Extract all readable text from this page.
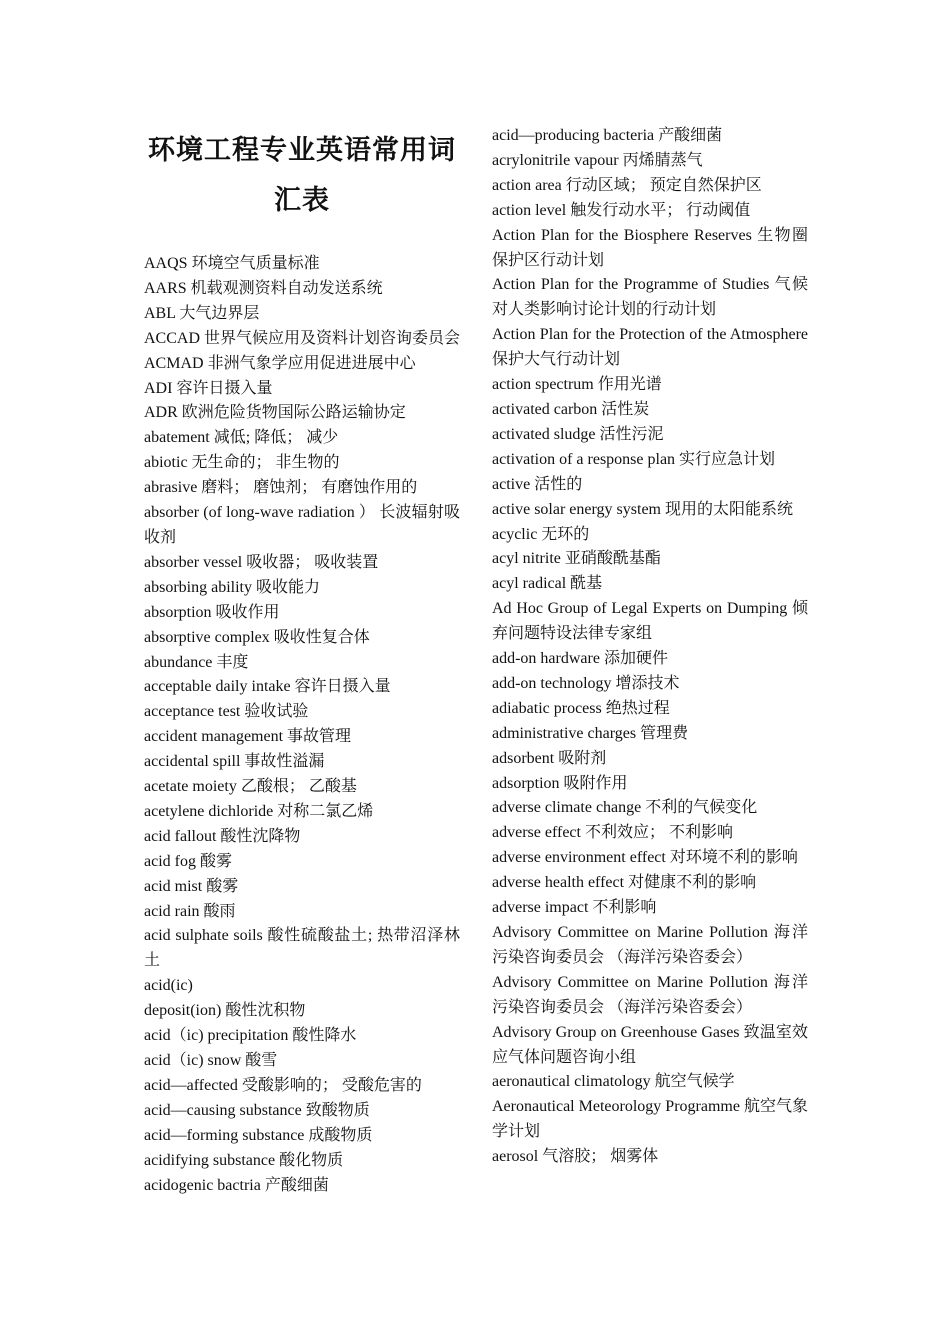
环境工程专业英语常用词汇表

AAQS 环境空气质量标准

AARS 机载观测资料自动发送系统

ABL 大气边界层

ACCAD 世界气候应用及资料计划咨询委员会

ACMAD 非洲气象学应用促进进展中心

ADI 容许日摄入量

ADR 欧洲危险货物国际公路运输协定

abatement 减低; 降低； 减少

abiotic 无生命的； 非生物的

abrasive 磨料； 磨蚀剂； 有磨蚀作用的

absorber (of long-wave radiation ） 长波辐射吸收剂

absorber vessel 吸收器； 吸收装置

absorbing ability 吸收能力

absorption 吸收作用

absorptive complex 吸收性复合体

abundance 丰度

acceptable daily intake 容许日摄入量

acceptance test 验收试验

accident management 事故管理

accidental spill 事故性溢漏

acetate moiety 乙酸根； 乙酸基

acetylene dichloride 对称二氯乙烯

acid fallout 酸性沈降物

acid fog 酸雾

acid mist 酸雾

acid rain 酸雨

acid sulphate soils 酸性硫酸盐土; 热带沼泽林土

acid(ic)

deposit(ion) 酸性沈积物

acid（ic) precipitation 酸性降水

acid（ic) snow 酸雪

acid—affected 受酸影响的； 受酸危害的

acid—causing substance 致酸物质

acid—forming substance 成酸物质

acidifying substance 酸化物质

acidogenic bactria 产酸细菌

acid—producing bacteria 产酸细菌

acrylonitrile vapour 丙烯腈蒸气

action area 行动区域； 预定自然保护区

action level 触发行动水平； 行动阈值

Action Plan for the Biosphere Reserves 生物圈保护区行动计划

Action Plan for the Programme of Studies 气候对人类影响讨论计划的行动计划

Action Plan for the Protection of the Atmosphere 保护大气行动计划

action spectrum 作用光谱

activated carbon 活性炭

activated sludge 活性污泥

activation of a response plan 实行应急计划

active 活性的

active solar energy system 现用的太阳能系统

acyclic 无环的

acyl nitrite 亚硝酸酰基酯

acyl radical 酰基

Ad Hoc Group of Legal Experts on Dumping 倾弃问题特设法律专家组

add-on hardware 添加硬件

add-on technology 增添技术

adiabatic process 绝热过程

administrative charges 管理费

adsorbent 吸附剂

adsorption 吸附作用

adverse climate change 不利的气候变化

adverse effect 不利效应； 不利影响

adverse environment effect 对环境不利的影响

adverse health effect 对健康不利的影响

adverse impact 不利影响

Advisory Committee on Marine Pollution 海洋污染咨询委员会 （海洋污染咨委会）

Advisory Committee on Marine Pollution 海洋污染咨询委员会 （海洋污染咨委会）

Advisory Group on Greenhouse Gases 致温室效应气体问题咨询小组

aeronautical climatology 航空气候学

Aeronautical Meteorology Programme 航空气象学计划

aerosol 气溶胶； 烟雾体
